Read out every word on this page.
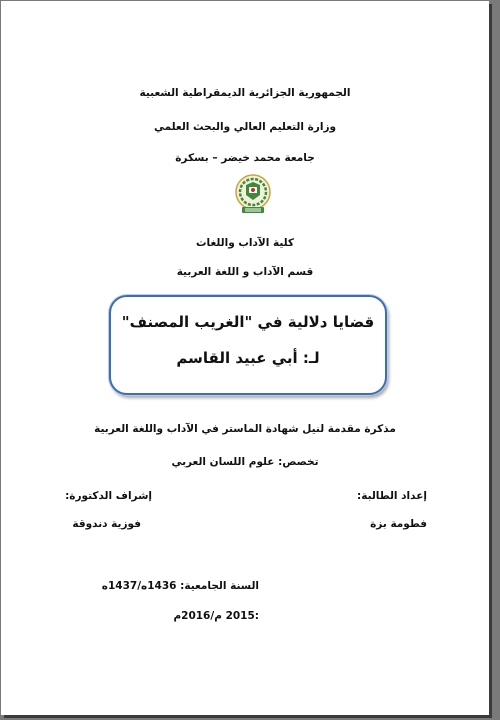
الجمهورية الجزائرية الديمقراطية الشعبية
وزارة التعليم العالي والبحث العلمي
جامعة محمد خيضر – بسكرة
كلية الآداب واللغات
قسم الآداب و اللغة العربية
قضايا دلالية في "الغريب المصنف"
لـ: أبي عبيد القاسم
مذكرة مقدمة لنيل شهادة الماستر في الآداب واللغة العربية
تخصص: علوم اللسان العربي
إعداد الطالبة:
إشراف الدكتورة:
فطومة بزة
فوزية دندوقة
السنة الجامعية: 1436ه/1437ه
:2015 م/2016م
